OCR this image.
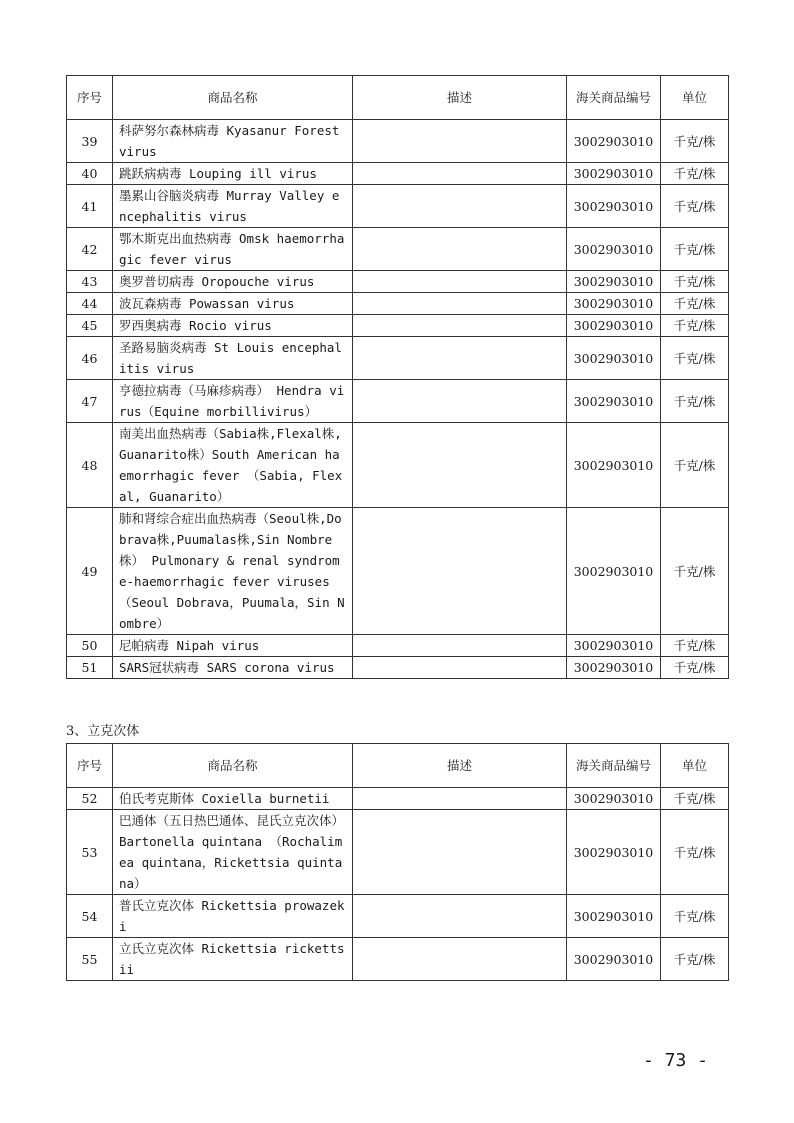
序号	商品名称	描述	海关商品编号	单位
39	科萨努尔森林病毒 Kyasanur Forest virus		3002903010	千克/株
40	跳跃病病毒 Louping ill virus		3002903010	千克/株
41	墨累山谷脑炎病毒 Murray Valley encephalitis virus		3002903010	千克/株
42	鄂木斯克出血热病毒 Omsk haemorrhagic fever virus		3002903010	千克/株
43	奥罗普切病毒 Oropouche virus		3002903010	千克/株
44	波瓦森病毒 Powassan virus		3002903010	千克/株
45	罗西奥病毒 Rocio virus		3002903010	千克/株
46	圣路易脑炎病毒 St Louis encephalitis virus		3002903010	千克/株
47	亨德拉病毒（马麻疹病毒） Hendra virus（Equine morbillivirus）		3002903010	千克/株
48	南美出血热病毒（Sabia株,Flexal株,Guanarito株）South American haemorrhagic fever （Sabia, Flexal, Guanarito）		3002903010	千克/株
49	肺和肾综合症出血热病毒（Seoul株,Dobrava株,Puumalas株,Sin Nombre株） Pulmonary & renal syndrome-haemorrhagic fever viruses（Seoul Dobrava，Puumala，Sin Nombre）		3002903010	千克/株
50	尼帕病毒 Nipah virus		3002903010	千克/株
51	SARS冠状病毒 SARS corona virus		3002903010	千克/株
3、立克次体
序号	商品名称	描述	海关商品编号	单位
52	伯氏考克斯体 Coxiella burnetii		3002903010	千克/株
53	巴通体（五日热巴通体、昆氏立克次体） Bartonella quintana （Rochalimea quintana，Rickettsia quintana）		3002903010	千克/株
54	普氏立克次体 Rickettsia prowazeki		3002903010	千克/株
55	立氏立克次体 Rickettsia rickettsii		3002903010	千克/株
- 73 -
